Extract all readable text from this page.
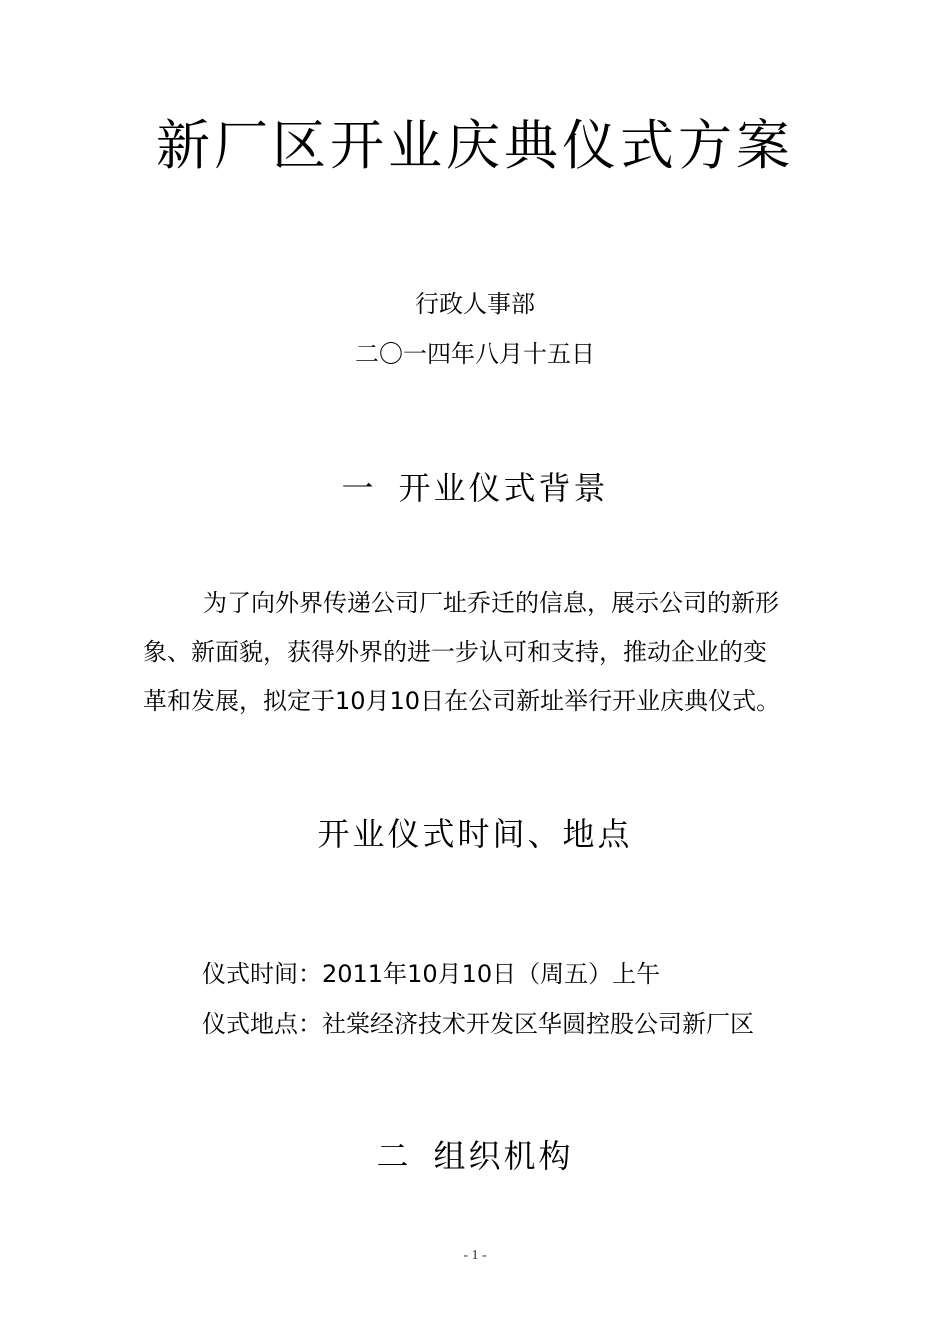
新厂区开业庆典仪式方案
行政人事部
二〇一四年八月十五日
一 开业仪式背景
为了向外界传递公司厂址乔迁的信息，展示公司的新形
象、新面貌，获得外界的进一步认可和支持，推动企业的变
革和发展，拟定于10月10日在公司新址举行开业庆典仪式。
开业仪式时间、地点
仪式时间：2011年10月10日（周五）上午
仪式地点：社棠经济技术开发区华圆控股公司新厂区
二 组织机构
- 1 -
